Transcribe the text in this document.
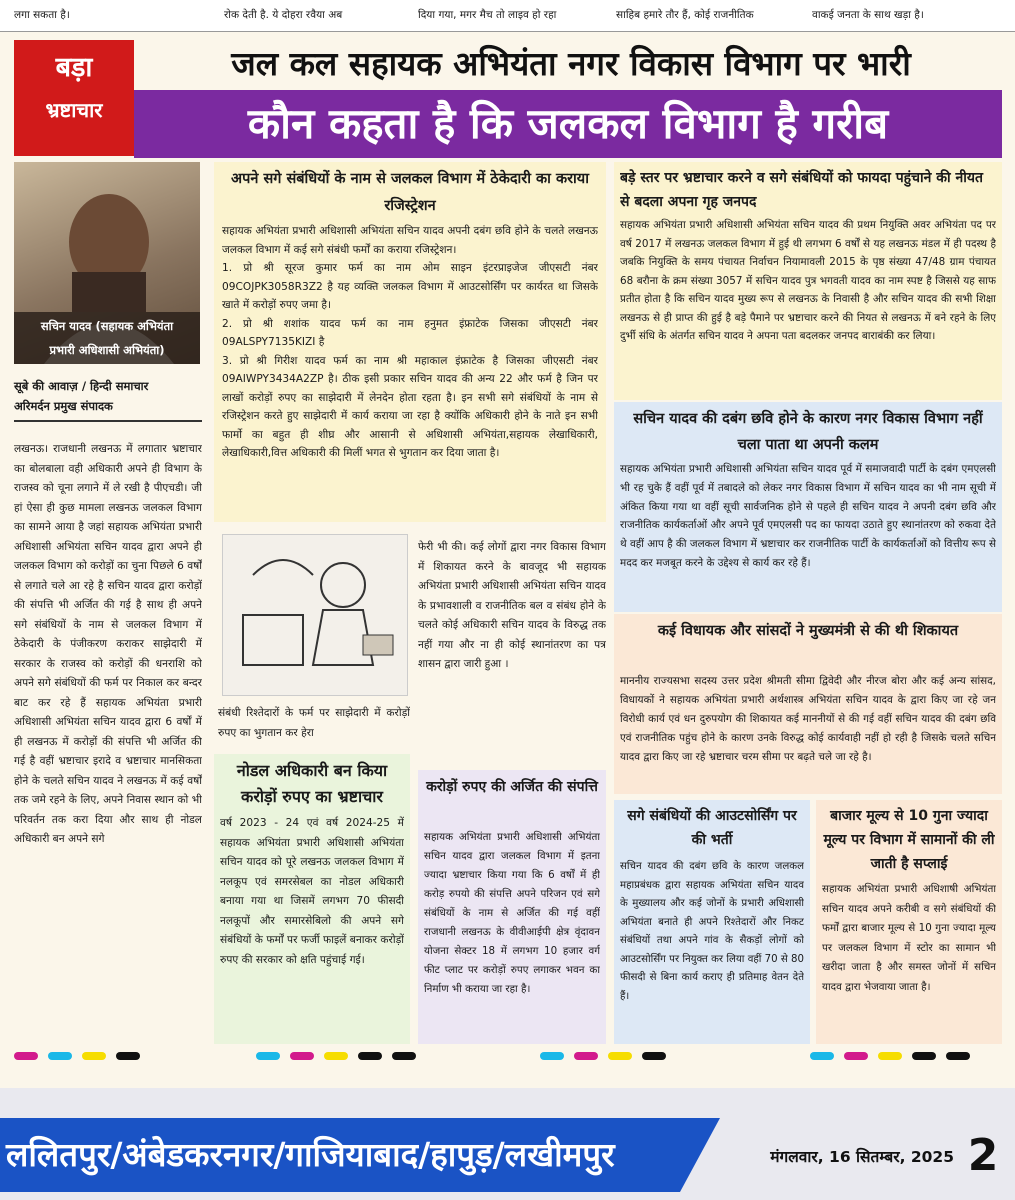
लगा सकता है।	रोक देती है. ये दोहरा रवैया अब	दिया गया, मगर मैच तो लाइव हो रहा	साहिब हमारे तौर हैं, कोई राजनीतिक	वाकई जनता के साथ खड़ा है।
बड़ा
भ्रष्टाचार
जल कल सहायक अभियंता नगर विकास विभाग पर भारी
कौन कहता है कि जलकल विभाग है गरीब
सचिन यादव (सहायक अभियंता
प्रभारी अधिशासी अभियंता)
सूबे की आवाज़ / हिन्दी समाचार
अरिमर्दन प्रमुख संपादक
लखनऊ। राजधानी लखनऊ में लगातार भ्रष्टाचार का बोलबाला वही अधिकारी अपने ही विभाग के राजस्व को चूना लगाने में ले रखी है पीएचडी। जी हां ऐसा ही कुछ मामला लखनऊ जलकल विभाग का सामने आया है जहां सहायक अभियंता प्रभारी अधिशासी अभियंता सचिन यादव द्वारा अपने ही जलकल विभाग को करोड़ों का चुना पिछले 6 वर्षों से लगाते चले आ रहे है सचिन यादव द्वारा करोड़ों की संपत्ति भी अर्जित की गई है साथ ही अपने सगे संबंधियों के नाम से जलकल विभाग में ठेकेदारी के पंजीकरण कराकर साझेदारी में सरकार के राजस्व को करोड़ों की धनराशि को अपने सगे संबंधियों की फर्म पर निकाल कर बन्दर बाट कर रहे हैं सहायक अभियंता प्रभारी अधिशासी अभियंता सचिन यादव द्वारा 6 वर्षों में ही लखनऊ में करोड़ों की संपत्ति भी अर्जित की गई है वहीं भ्रष्टाचार इरादे व भ्रष्टाचार मानसिकता होने के चलते सचिन यादव ने लखनऊ में कई वर्षों तक जमे रहने के लिए, अपने निवास स्थान को भी परिवर्तन तक करा दिया और साथ ही नोडल अधिकारी बन अपने सगे
अपने सगे संबंधियों के नाम से जलकल विभाग में ठेकेदारी का कराया रजिस्ट्रेशन
सहायक अभियंता प्रभारी अधिशासी अभियंता सचिन यादव अपनी दबंग छवि होने के चलते लखनऊ जलकल विभाग में कई सगे संबंधी फर्मों का कराया रजिस्ट्रेशन।
1. प्रो श्री सूरज कुमार फर्म का नाम ओम साइन इंटरप्राइजेज जीएसटी नंबर 09COJPK3058R3Z2 है यह व्यक्ति जलकल विभाग में आउटसोर्सिंग पर कार्यरत था जिसके खाते में करोड़ों रुपए जमा है।
2. प्रो श्री शशांक यादव फर्म का नाम हनुमत इंफ्राटेक जिसका जीएसटी नंबर 09ALSPY7135KIZI है
3. प्रो श्री गिरीश यादव फर्म का नाम श्री महाकाल इंफ्राटेक है जिसका जीएसटी नंबर 09AIWPY3434A2ZP है। ठीक इसी प्रकार सचिन यादव की अन्य 22 और फर्म है जिन पर लाखों करोड़ों रुपए का साझेदारी में लेनदेन होता रहता है। इन सभी सगे संबंधियों के नाम से रजिस्ट्रेशन करते हुए साझेदारी में कार्य कराया जा रहा है क्योंकि अधिकारी होने के नाते इन सभी फार्मो का बहुत ही शीघ्र और आसानी से अधिशासी अभियंता,सहायक लेखाधिकारी, लेखाधिकारी,वित्त अधिकारी की मिलीं भगत से भुगतान कर दिया जाता है।
संबंधी रिश्तेदारों के फर्म पर साझेदारी में करोड़ों रुपए का भुगतान कर हेरा
फेरी भी की। कई लोगों द्वारा नगर विकास विभाग में शिकायत करने के बावजूद भी सहायक अभियंता प्रभारी अधिशासी अभियंता सचिन यादव के प्रभावशाली व राजनीतिक बल व संबंध होने के चलते कोई अधिकारी सचिन यादव के विरुद्ध तक नहीं गया और ना ही कोई स्थानांतरण का पत्र शासन द्वारा जारी हुआ ।
नोडल अधिकारी बन किया करोड़ों रुपए का भ्रष्टाचार
वर्ष 2023 - 24 एवं वर्ष 2024-25 में सहायक अभियंता प्रभारी अधिशासी अभियंता सचिन यादव को पूरे लखनऊ जलकल विभाग में नलकूप एवं समरसेबल का नोडल अधिकारी बनाया गया था जिसमें लगभग 70 फीसदी नलकूपों और समारसेबिलो की अपने सगे संबंधियों के फर्मों पर फर्जी फाइलें बनाकर करोड़ों रुपए की सरकार को क्षति पहुंचाई गई।
करोड़ों रुपए की अर्जित की संपत्ति
सहायक अभियंता प्रभारी अधिशासी अभियंता सचिन यादव द्वारा जलकल विभाग में इतना ज्यादा भ्रष्टाचार किया गया कि 6 वर्षों में ही करोड़ रुपयो की संपत्ति अपने परिजन एवं सगे संबंधियों के नाम से अर्जित की गई वहीं राजधानी लखनऊ के वीवीआईपी क्षेत्र वृंदावन योजना सेक्टर 18 में लगभग 10 हजार वर्ग फीट प्लाट पर करोड़ों रुपए लगाकर भवन का निर्माण भी कराया जा रहा है।
बड़े स्तर पर भ्रष्टाचार करने व सगे संबंधियों को फायदा पहुंचाने की नीयत से बदला अपना गृह जनपद
सहायक अभियंता प्रभारी अधिशासी अभियंता सचिन यादव की प्रथम नियुक्ति अवर अभियंता पद पर वर्ष 2017 में लखनऊ जलकल विभाग में हुई थी लगभग 6 वर्षों से यह लखनऊ मंडल में ही पदस्थ है जबकि नियुक्ति के समय पंचायत निर्वाचन नियामावली 2015 के पृष्ठ संख्या 47/48 ग्राम पंचायत 68 बरौना के क्रम संख्या 3057 में सचिन यादव पुत्र भगवती यादव का नाम स्पष्ट है जिससे यह साफ प्रतीत होता है कि सचिन यादव मुख्य रूप से लखनऊ के निवासी है और सचिन यादव की सभी शिक्षा लखनऊ से ही प्राप्त की हुई है बड़े पैमाने पर भ्रष्टाचार करने की नियत से लखनऊ में बने रहने के लिए दुर्भी संधि के अंतर्गत सचिन यादव ने अपना पता बदलकर जनपद बाराबंकी कर लिया।
सचिन यादव की दबंग छवि होने के कारण नगर विकास विभाग नहीं चला पाता था अपनी कलम
सहायक अभियंता प्रभारी अधिशासी अभियंता सचिन यादव पूर्व में समाजवादी पार्टी के दबंग एमएलसी भी रह चुके हैं वहीं पूर्व में तबादले को लेकर नगर विकास विभाग में सचिन यादव का भी नाम सूची में अंकित किया गया था वहीं सूची सार्वजनिक होने से पहले ही सचिन यादव ने अपनी दबंग छवि और राजनीतिक कार्यकर्ताओं और अपने पूर्व एमएलसी पद का फायदा उठाते हुए स्थानांतरण को रुकवा देते थे वहीं आप है की जलकल विभाग में भ्रष्टाचार कर राजनीतिक पार्टी के कार्यकर्ताओं को वित्तीय रूप से मदद कर मजबूत करने के उद्देश्य से कार्य कर रहे हैं।
कई विधायक और सांसदों ने मुख्यमंत्री से की थी शिकायत
माननीय राज्यसभा सदस्य उत्तर प्रदेश श्रीमती सीमा द्विवेदी और नीरज बोरा और कई अन्य सांसद, विधायकों ने सहायक अभियंता प्रभारी अर्थशास्त्र अभियंता सचिन यादव के द्वारा किए जा रहे जन विरोधी कार्य एवं धन दुरुपयोग की शिकायत कई माननीयों से की गई वहीं सचिन यादव की दबंग छवि एवं राजनीतिक पहुंच होने के कारण उनके विरुद्ध कोई कार्यवाही नहीं हो रही है जिसके चलते सचिन यादव द्वारा किए जा रहे भ्रष्टाचार चरम सीमा पर बढ़ते चले जा रहे है।
सगे संबंधियों की आउटसोर्सिंग पर की भर्ती
सचिन यादव की दबंग छवि के कारण जलकल महाप्रबंधक द्वारा सहायक अभियंता सचिन यादव के मुख्यालय और कई जोनों के प्रभारी अधिशासी अभियंता बनाते ही अपने रिश्तेदारों और निकट संबंधियों तथा अपने गांव के सैकड़ों लोगों को आउटसोर्सिंग पर नियुक्त कर लिया वहीं 70 से 80 फीसदी से बिना कार्य कराए ही प्रतिमाह वेतन देते हैं।
बाजार मूल्य से 10 गुना ज्यादा मूल्य पर विभाग में सामानों की ली जाती है सप्लाई
सहायक अभियंता प्रभारी अधिशाषी अभियंता सचिन यादव अपने करीबी व सगे संबंधियों की फर्मों द्वारा बाजार मूल्य से 10 गुना ज्यादा मूल्य पर जलकल विभाग में स्टोर का सामान भी खरीदा जाता है और समस्त जोनों में सचिन यादव द्वारा भेजवाया जाता है।
ललितपुर/अंबेडकरनगर/गाजियाबाद/हापुड़/लखीमपुर	मंगलवार, 16 सितम्बर, 2025 2
